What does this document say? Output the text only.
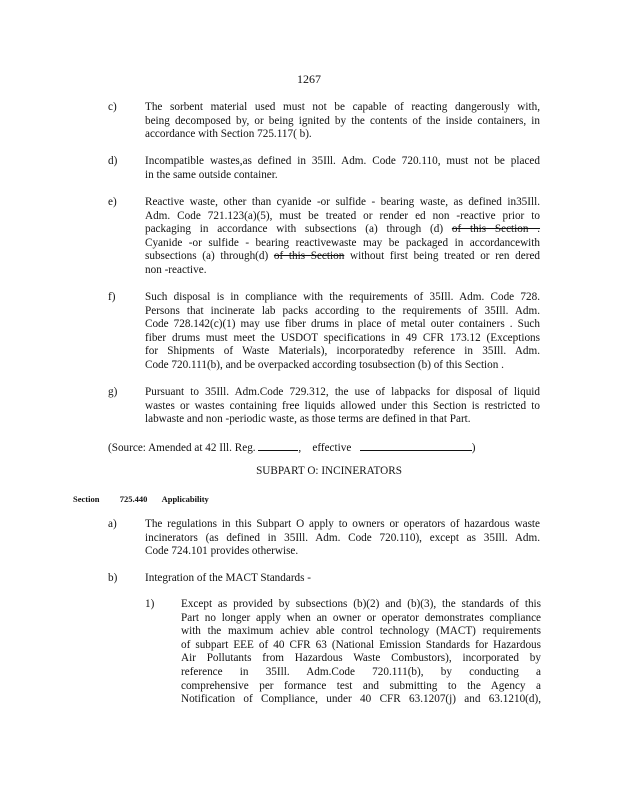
1267
c)	The sorbent material used must not be capable of reacting dangerously with,
being decomposed by, or being ignited by the contents of the inside containers, in
accordance with Section 725.117( b).
d) Incompatible wastes,as defined in 35Ill. Adm. Code 720.110, must not be placed
in the same outside container.
e)	Reactive waste, other than cyanide -or sulfide - bearing waste, as defined in35Ill.
Adm. Code 721.123(a)(5), must be treated or render ed non -reactive prior to
packaging in accordance with subsections (a) through (d) of this Section .
Cyanide -or sulfide - bearing reactivewaste may be packaged in accordancewith
subsections (a) through(d) of this Section without first being treated or ren dered
non -reactive.
f)	Such disposal is in compliance with the requirements of 35Ill. Adm. Code 728.
Persons that incinerate lab packs according to the requirements of 35Ill. Adm.
Code 728.142(c)(1) may use fiber drums in place of metal outer containers . Such
fiber drums must meet the USDOT specifications in 49 CFR 173.12 (Exceptions
for Shipments of Waste Materials), incorporatedby reference in 35Ill. Adm.
Code 720.111(b), and be overpacked according tosubsection (b) of this Section .
g) Pursuant to 35Ill. Adm.Code 729.312, the use of labpacks for disposal of liquid
wastes or wastes containing free liquids allowed under this Section is restricted to
labwaste and non -periodic waste, as those terms are defined in that Part.
(Source: Amended at 42 Ill. Reg.	, effective	)
SUBPART O: INCINERATORS
Section 725.440 Applicability
a)	The regulations in this Subpart O apply to owners or operators of hazardous waste
incinerators (as defined in 35Ill. Adm. Code 720.110), except as 35Ill. Adm.
Code 724.101 provides otherwise.
b) Integration of the MACT Standards -
1) Except as provided by subsections (b)(2) and (b)(3), the standards of this
Part no longer apply when an owner or operator demonstrates compliance
with the maximum achiev able control technology (MACT) requirements
of subpart EEE of 40 CFR 63 (National Emission Standards for Hazardous
Air Pollutants from Hazardous Waste Combustors), incorporated by
reference in 35Ill. Adm.Code 720.111(b), by conducting a
comprehensive per formance test and submitting to the Agency a
Notification of Compliance, under 40 CFR 63.1207(j) and 63.1210(d),
